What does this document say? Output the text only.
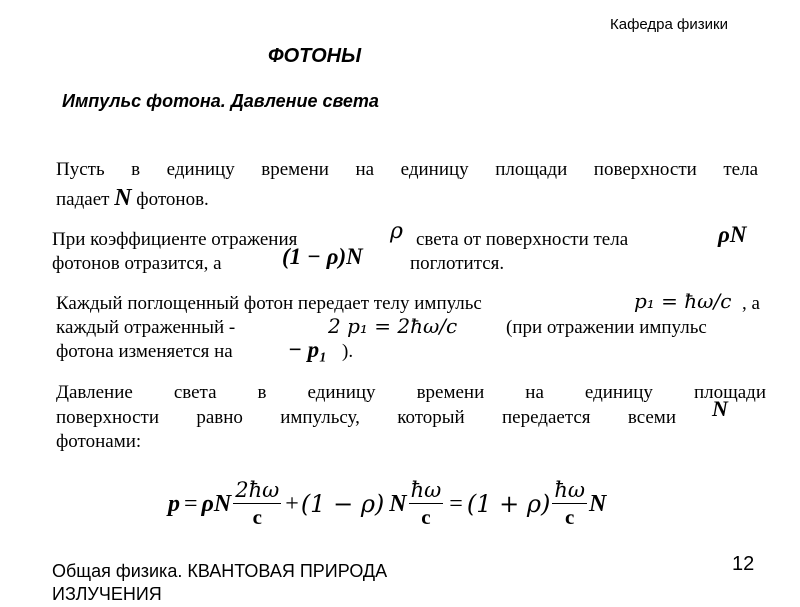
Кафедра физики
ФОТОНЫ
Импульс фотона. Давление света
Пусть в единицу времени на единицу площади поверхности тела
падает N фотонов.
При коэффициенте отражения	ρ света от поверхности тела	ρN
фотонов отразится, а	(1 − ρ)N поглотится.
Каждый поглощенный фотон передает телу импульс	p₁ = ħω/c , а
каждый отраженный -	2 p₁ = 2ħω/c	(при отражении импульс
фотона изменяется на − p₁ ).
Давление света в единицу времени на единицу площади
поверхности равно импульсу, который передается всеми
фотонами:
N
p = ρN $\frac{2ħ\omega}{c} + (1 - \rho)$ N $\frac{ħ\omega}{c} = (1 + \rho) \frac{ħ\omega}{c}$ N
Общая физика. КВАНТОВАЯ ПРИРОДА
ИЗЛУЧЕНИЯ
12
